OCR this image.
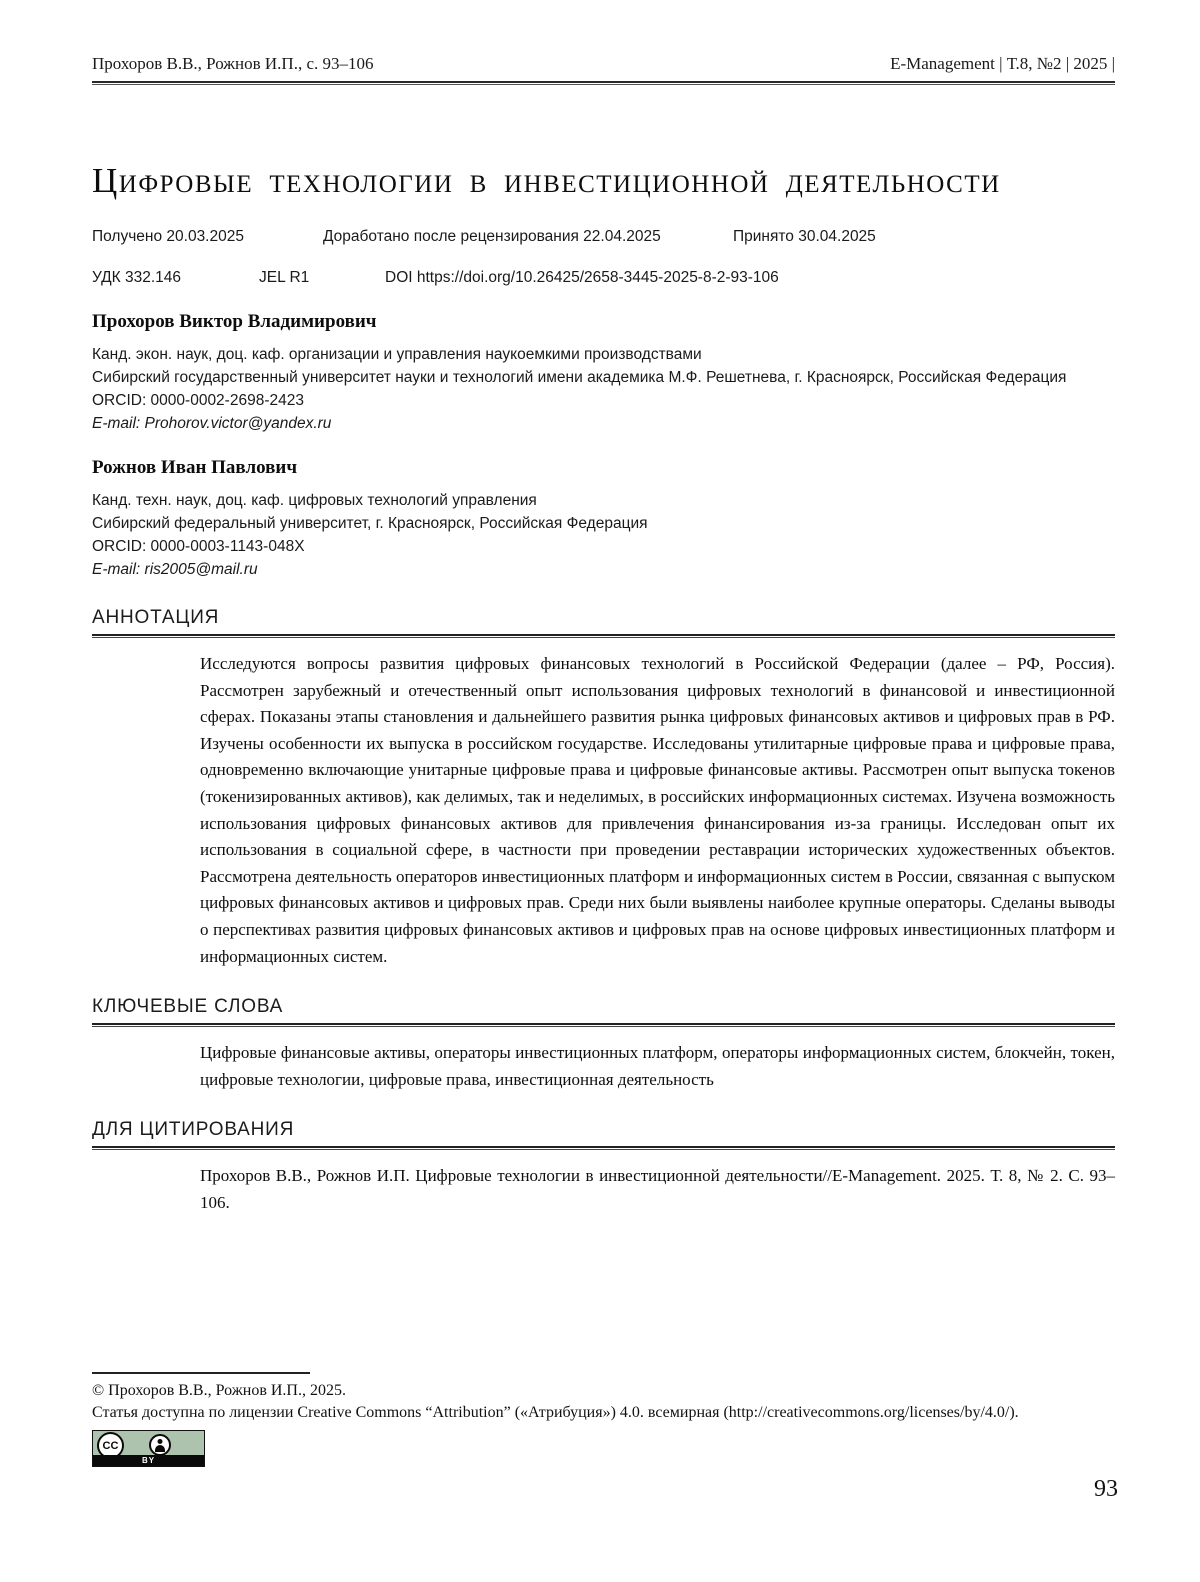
Прохоров В.В., Рожнов И.П., с. 93–106	E-Management | Т.8, №2 | 2025 |
Цифровые технологии в инвестиционной деятельности
Получено 20.03.2025	Доработано после рецензирования 22.04.2025	Принято 30.04.2025
УДК 332.146	JEL R1	DOI https://doi.org/10.26425/2658-3445-2025-8-2-93-106
Прохоров Виктор Владимирович
Канд. экон. наук, доц. каф. организации и управления наукоемкими производствами
Сибирский государственный университет науки и технологий имени академика М.Ф. Решетнева, г. Красноярск, Российская Федерация
ORCID: 0000-0002-2698-2423
E-mail: Prohorov.victor@yandex.ru
Рожнов Иван Павлович
Канд. техн. наук, доц. каф. цифровых технологий управления
Сибирский федеральный университет, г. Красноярск, Российская Федерация
ORCID: 0000-0003-1143-048X
E-mail: ris2005@mail.ru
АННОТАЦИЯ

Исследуются вопросы развития цифровых финансовых технологий в Российской Федерации (далее – РФ, Россия). Рассмотрен зарубежный и отечественный опыт использования цифровых технологий в финансовой и инвестиционной сферах. Показаны этапы становления и дальнейшего развития рынка цифровых финансовых активов и цифровых прав в РФ. Изучены особенности их выпуска в российском государстве. Исследованы утилитарные цифровые права и цифровые права, одновременно включающие унитарные цифровые права и цифровые финансовые активы. Рассмотрен опыт выпуска токенов (токенизированных активов), как делимых, так и неделимых, в российских информационных системах. Изучена возможность использования цифровых финансовых активов для привлечения финансирования из-за границы. Исследован опыт их использования в социальной сфере, в частности при проведении реставрации исторических художественных объектов. Рассмотрена деятельность операторов инвестиционных платформ и информационных систем в России, связанная с выпуском цифровых финансовых активов и цифровых прав. Среди них были выявлены наиболее крупные операторы. Сделаны выводы о перспективах развития цифровых финансовых активов и цифровых прав на основе цифровых инвестиционных платформ и информационных систем.

КЛЮЧЕВЫЕ СЛОВА

Цифровые финансовые активы, операторы инвестиционных платформ, операторы информационных систем, блокчейн, токен, цифровые технологии, цифровые права, инвестиционная деятельность

ДЛЯ ЦИТИРОВАНИЯ

Прохоров В.В., Рожнов И.П. Цифровые технологии в инвестиционной деятельности//E-Management. 2025. Т. 8, № 2. С. 93–106.

© Прохоров В.В., Рожнов И.П., 2025.
Статья доступна по лицензии Creative Commons “Attribution” («Атрибуция») 4.0. всемирная (http://creativecommons.org/licenses/by/4.0/).
CC
BY
93
